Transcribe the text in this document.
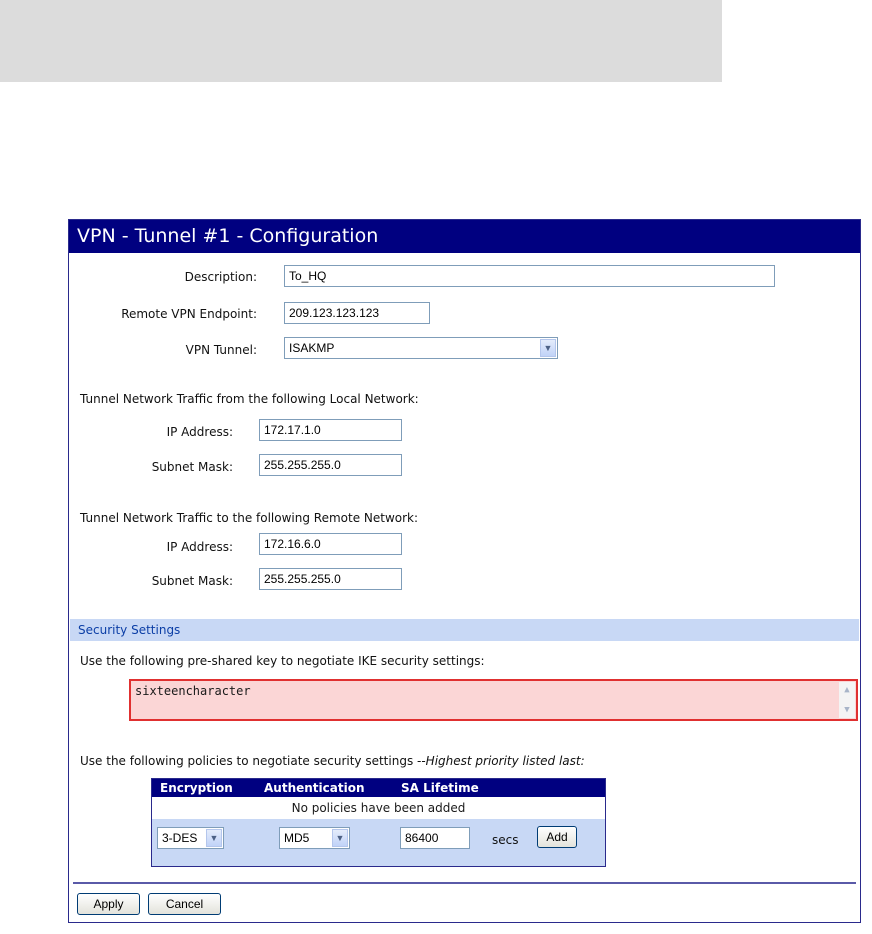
VPN - Tunnel #1 - Configuration
Description:	To_HQ
Remote VPN Endpoint:	209.123.123.123
VPN Tunnel:	ISAKMP	▼
Tunnel Network Traffic from the following Local Network:
IP Address:	172.17.1.0
Subnet Mask:	255.255.255.0
Tunnel Network Traffic to the following Remote Network:
IP Address:	172.16.6.0
Subnet Mask:	255.255.255.0
Security Settings
Use the following pre-shared key to negotiate IKE security settings:
sixteencharacter	▲
▼
Use the following policies to negotiate security settings --Highest priority listed last:
Encryption	Authentication	SA Lifetime
No policies have been added
3-DES	▼	MD5	▼	86400	secs	Add
Apply	Cancel
